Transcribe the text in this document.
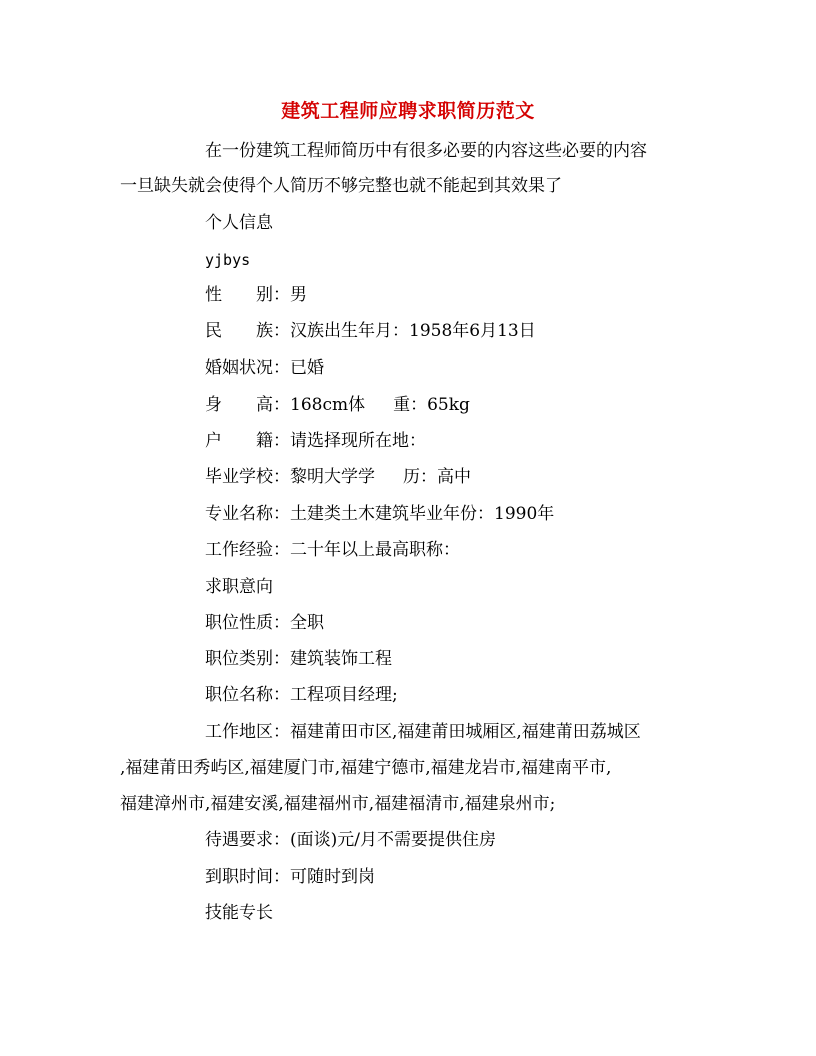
建筑工程师应聘求职简历范文
在一份建筑工程师简历中有很多必要的内容这些必要的内容
一旦缺失就会使得个人简历不够完整也就不能起到其效果了
个人信息
yjbys
性 别：男
民 族：汉族出生年月：1958年6月13日
婚姻状况：已婚
身 高：168cm体 重：65kg
户 籍：请选择现所在地：
毕业学校：黎明大学学 历：高中
专业名称：土建类土木建筑毕业年份：1990年
工作经验：二十年以上最高职称：
求职意向
职位性质：全职
职位类别：建筑装饰工程
职位名称：工程项目经理;
工作地区：福建莆田市区,福建莆田城厢区,福建莆田荔城区
,福建莆田秀屿区,福建厦门市,福建宁德市,福建龙岩市,福建南平市,
福建漳州市,福建安溪,福建福州市,福建福清市,福建泉州市;
待遇要求：(面谈)元/月不需要提供住房
到职时间：可随时到岗
技能专长
